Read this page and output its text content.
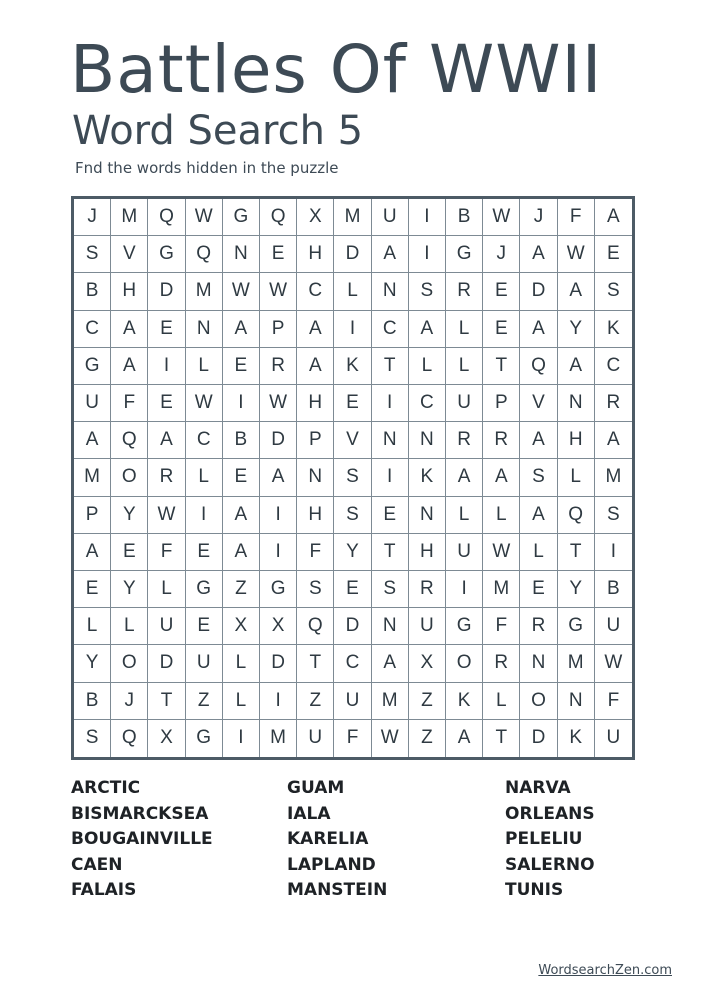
Battles Of WWII
Word Search 5
Fnd the words hidden in the puzzle
J	M	Q	W	G	Q	X	M	U	I	B	W	J	F	A
S	V	G	Q	N	E	H	D	A	I	G	J	A	W	E
B	H	D	M	W	W	C	L	N	S	R	E	D	A	S
C	A	E	N	A	P	A	I	C	A	L	E	A	Y	K
G	A	I	L	E	R	A	K	T	L	L	T	Q	A	C
U	F	E	W	I	W	H	E	I	C	U	P	V	N	R
A	Q	A	C	B	D	P	V	N	N	R	R	A	H	A
M	O	R	L	E	A	N	S	I	K	A	A	S	L	M
P	Y	W	I	A	I	H	S	E	N	L	L	A	Q	S
A	E	F	E	A	I	F	Y	T	H	U	W	L	T	I
E	Y	L	G	Z	G	S	E	S	R	I	M	E	Y	B
L	L	U	E	X	X	Q	D	N	U	G	F	R	G	U
Y	O	D	U	L	D	T	C	A	X	O	R	N	M	W
B	J	T	Z	L	I	Z	U	M	Z	K	L	O	N	F
S	Q	X	G	I	M	U	F	W	Z	A	T	D	K	U
ARCTIC
BISMARCKSEA
BOUGAINVILLE
CAEN
FALAIS
GUAM
IALA
KARELIA
LAPLAND
MANSTEIN
NARVA
ORLEANS
PELELIU
SALERNO
TUNIS
WordsearchZen.com
